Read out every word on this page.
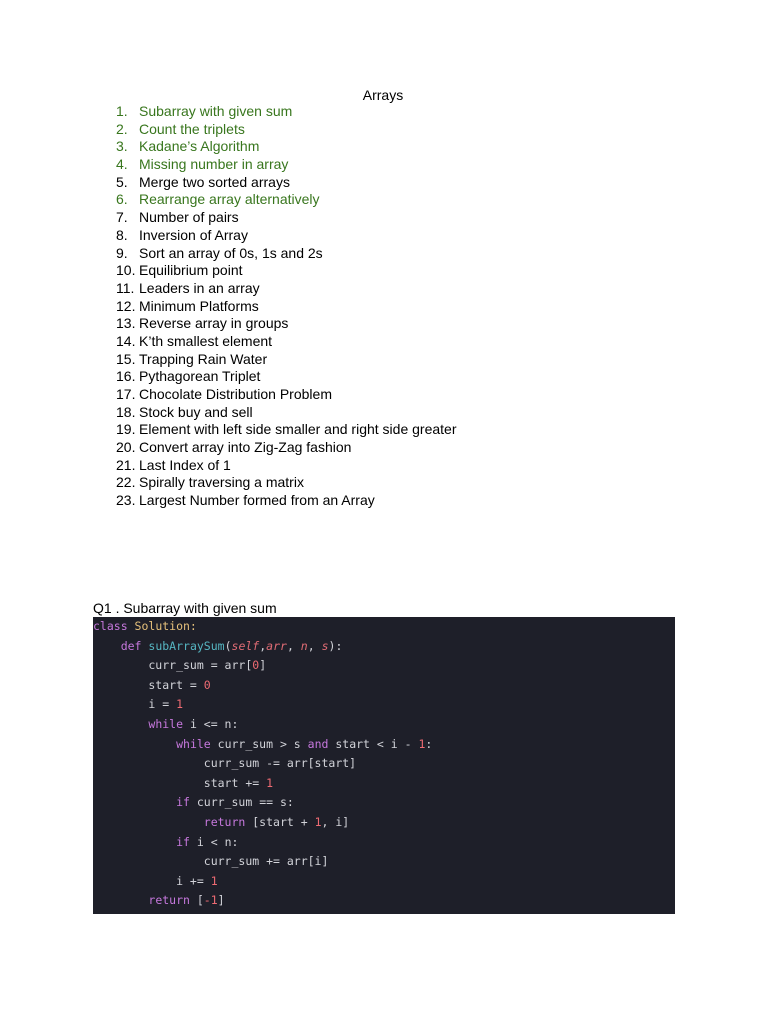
Arrays
1. Subarray with given sum
2. Count the triplets
3. Kadane’s Algorithm
4. Missing number in array
5. Merge two sorted arrays
6. Rearrange array alternatively
7. Number of pairs
8. Inversion of Array
9. Sort an array of 0s, 1s and 2s
10. Equilibrium point
11. Leaders in an array
12. Minimum Platforms
13. Reverse array in groups
14. K’th smallest element
15. Trapping Rain Water
16. Pythagorean Triplet
17. Chocolate Distribution Problem
18. Stock buy and sell
19. Element with left side smaller and right side greater
20. Convert array into Zig-Zag fashion
21. Last Index of 1
22. Spirally traversing a matrix
23. Largest Number formed from an Array
Q1 . Subarray with given sum
class Solution:
def subArraySum(self,arr, n, s):
curr_sum = arr[0]
start = 0
i = 1
while i <= n:
while curr_sum > s and start < i - 1:
curr_sum -= arr[start]
start += 1
if curr_sum == s:
return [start + 1, i]
if i < n:
curr_sum += arr[i]
i += 1
return [-1]
